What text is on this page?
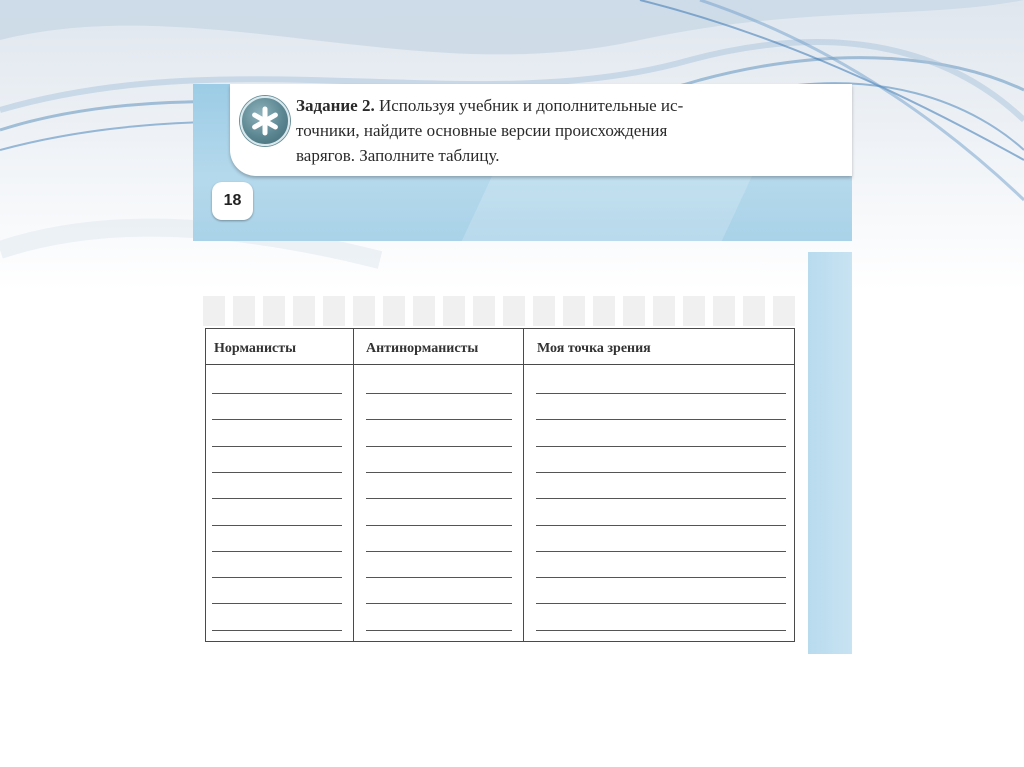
Задание 2. Используя учебник и дополнительные ис-
точники, найдите основные версии происхождения
варягов. Заполните таблицу.
18
Норманисты	Антинорманисты	Моя точка зрения
